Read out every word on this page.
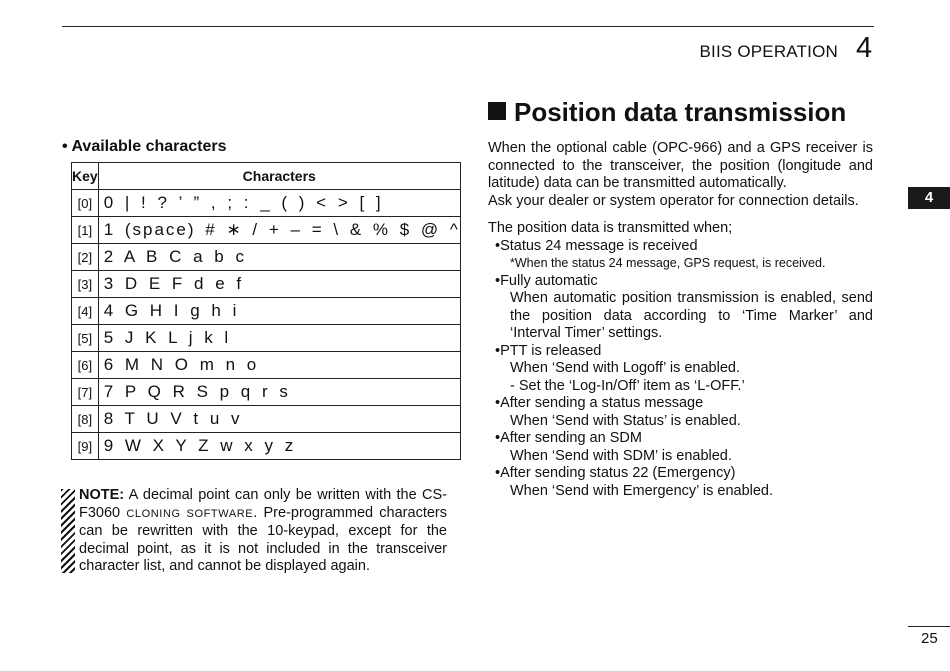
BIIS OPERATION 4
4
• Available characters
Key	Characters
[0]	0 | ! ? ’ ” , ; : _ ( ) < > [ ]
[1]	1 (space) # ∗ / + – = \ & % $ @ ^
[2]	2 A B C a b c
[3]	3 D E F d e f
[4]	4 G H I g h i
[5]	5 J K L j k l
[6]	6 M N O m n o
[7]	7 P Q R S p q r s
[8]	8 T U V t u v
[9]	9 W X Y Z w x y z
NOTE: A decimal point can only be written with the CS-F3060 CLONING SOFTWARE. Pre-programmed characters can be rewritten with the 10-keypad, except for the decimal point, as it is not included in the transceiver character list, and cannot be displayed again.
Position data transmission

When the optional cable (OPC-966) and a GPS receiver is connected to the transceiver, the position (longitude and latitude) data can be transmitted automatically.

Ask your dealer or system operator for connection details.

The position data is transmitted when;

•Status 24 message is received

*When the status 24 message, GPS request, is received.

•Fully automatic

When automatic position transmission is enabled, send the position data according to ‘Time Marker’ and ‘Interval Timer’ settings.

•PTT is released

When ‘Send with Logoff’ is enabled.

- Set the ‘Log-In/Off’ item as ‘L-OFF.’

•After sending a status message

When ‘Send with Status’ is enabled.

•After sending an SDM

When ‘Send with SDM’ is enabled.

•After sending status 22 (Emergency)

When ‘Send with Emergency’ is enabled.

25
